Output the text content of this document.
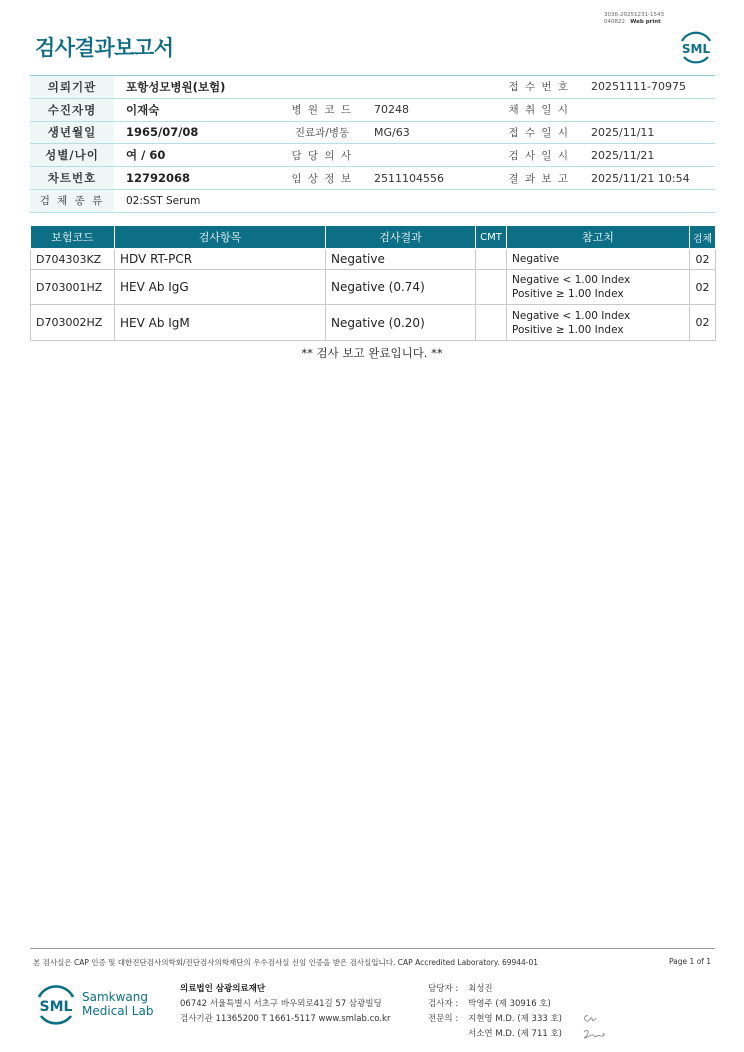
검사결과보고서
3036-20251231-1543
040822 Web print
SML
의뢰기관	포항성모병원(보험)			접 수 번 호	20251111-70975
수진자명	이재숙	병 원 코 드	70248	채 취 일 시	
생년월일	1965/07/08	진료과/병동	MG/63	접 수 일 시	2025/11/11
성별/나이	여 / 60	담 당 의 사		검 사 일 시	2025/11/21
차트번호	12792068	임 상 정 보	2511104556	결 과 보 고	2025/11/21 10:54
검 체 종 류	02:SST Serum				
보험코드	검사항목	검사결과	CMT	참고치	검체
D704303KZ	HDV RT-PCR	Negative		Negative	02
D703001HZ	HEV Ab IgG	Negative (0.74)		Negative < 1.00 Index
Positive ≥ 1.00 Index	02
D703002HZ	HEV Ab IgM	Negative (0.20)		Negative < 1.00 Index
Positive ≥ 1.00 Index	02
** 검사 보고 완료입니다. **
본 검사실은 CAP 인증 및 대한진단검사의학회/진단검사의학재단의 우수검사실 신임 인증을 받은 검사실입니다. CAP Accredited Laboratory. 69944-01	Page 1 of 1
SML
Samkwang
Medical Lab
의료법인 삼광의료재단
06742 서울특별시 서초구 바우뫼로41길 57 삼광빌딩
검사기관 11365200 T 1661-5117 www.smlab.co.kr
담당자 : 최성진
검사자 : 박영주 (제 30916 호)
전문의 : 지현영 M.D. (제 333 호)
서소연 M.D. (제 711 호)
